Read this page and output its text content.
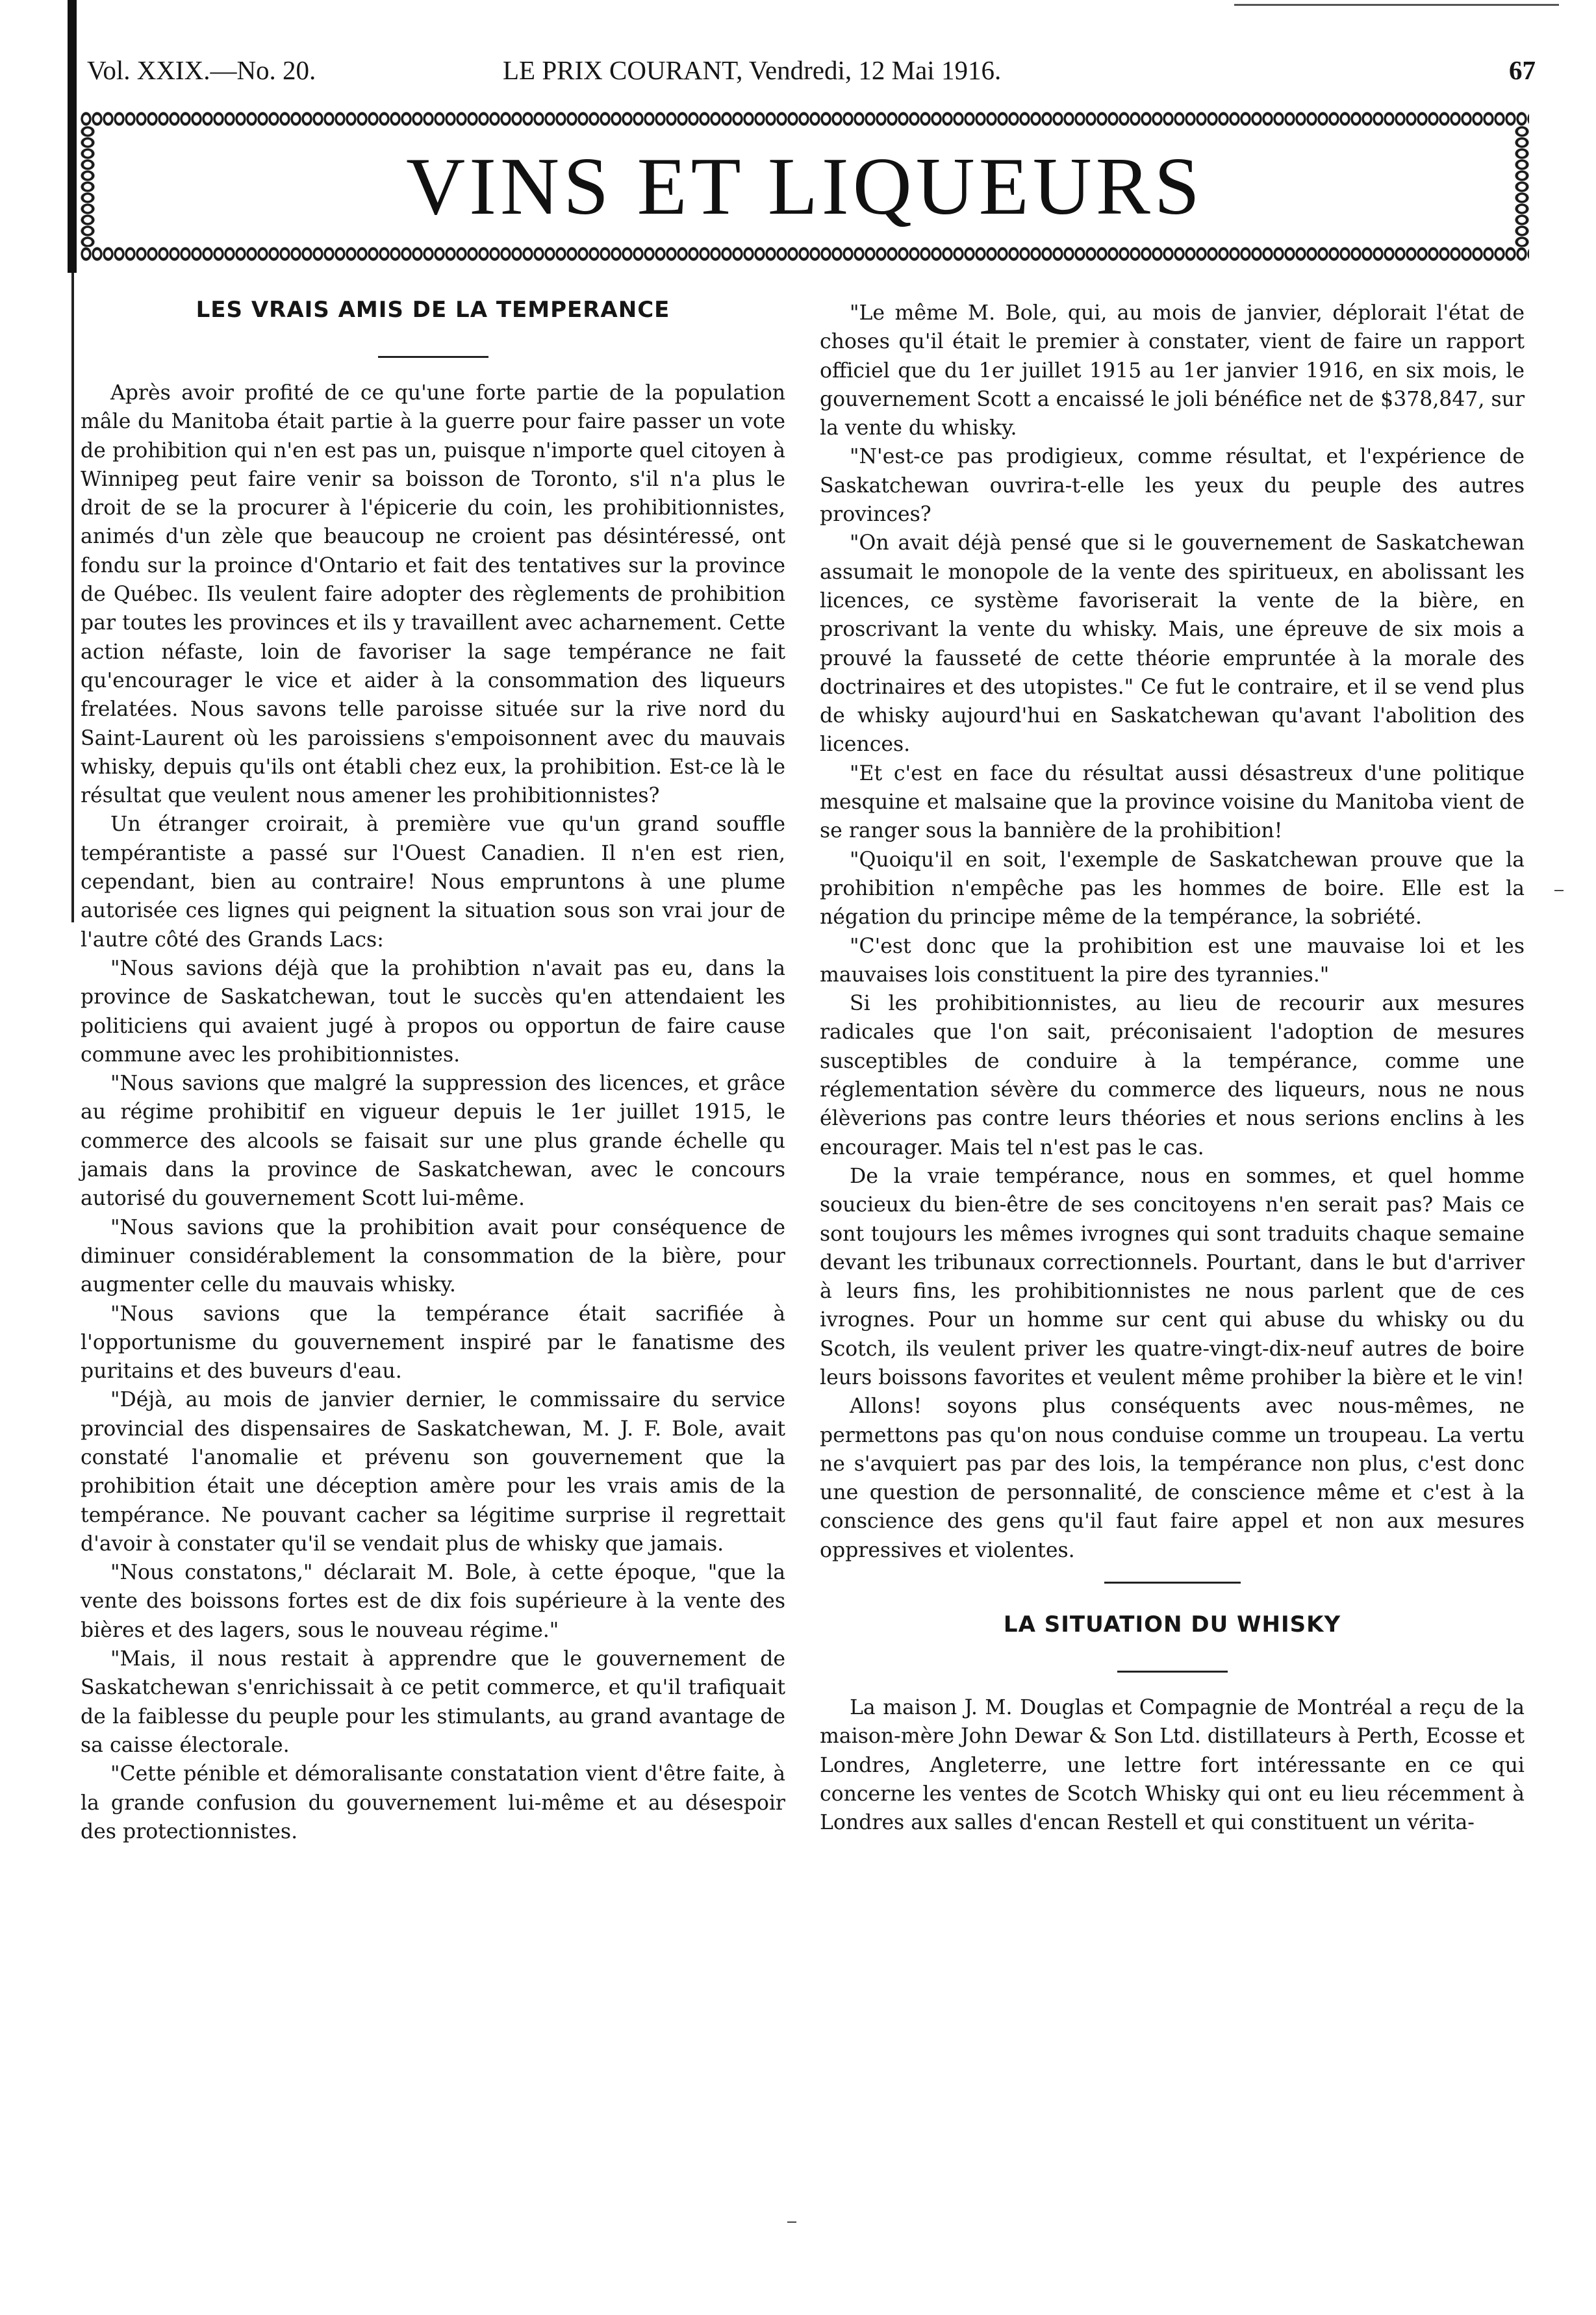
Vol. XXIX.—No. 20.	LE PRIX COURANT, Vendredi, 12 Mai 1916.	67
VINS ET LIQUEURS
LES VRAIS AMIS DE LA TEMPERANCE

Après avoir profité de ce qu'une forte partie de la population mâle du Manitoba était partie à la guerre pour faire passer un vote de prohibition qui n'en est pas un, puisque n'importe quel citoyen à Winnipeg peut faire venir sa boisson de Toronto, s'il n'a plus le droit de se la procurer à l'épicerie du coin, les prohibitionnistes, animés d'un zèle que beaucoup ne croient pas désintéressé, ont fondu sur la proince d'Ontario et fait des tentatives sur la province de Québec. Ils veulent faire adopter des règlements de prohibition par toutes les provinces et ils y travaillent avec acharnement. Cette action néfaste, loin de favoriser la sage tempérance ne fait qu'encourager le vice et aider à la consommation des liqueurs frelatées. Nous savons telle paroisse située sur la rive nord du Saint-Laurent où les paroissiens s'empoisonnent avec du mauvais whisky, depuis qu'ils ont établi chez eux, la prohibition. Est-ce là le résultat que veulent nous amener les prohibitionnistes?

Un étranger croirait, à première vue qu'un grand souffle tempérantiste a passé sur l'Ouest Canadien. Il n'en est rien, cependant, bien au contraire! Nous empruntons à une plume autorisée ces lignes qui peignent la situation sous son vrai jour de l'autre côté des Grands Lacs:

"Nous savions déjà que la prohibtion n'avait pas eu, dans la province de Saskatchewan, tout le succès qu'en attendaient les politiciens qui avaient jugé à propos ou opportun de faire cause commune avec les prohibitionnistes.

"Nous savions que malgré la suppression des licences, et grâce au régime prohibitif en vigueur depuis le 1er juillet 1915, le commerce des alcools se faisait sur une plus grande échelle qu jamais dans la province de Saskatchewan, avec le concours autorisé du gouvernement Scott lui-même.

"Nous savions que la prohibition avait pour conséquence de diminuer considérablement la consommation de la bière, pour augmenter celle du mauvais whisky.

"Nous savions que la tempérance était sacrifiée à l'opportunisme du gouvernement inspiré par le fanatisme des puritains et des buveurs d'eau.

"Déjà, au mois de janvier dernier, le commissaire du service provincial des dispensaires de Saskatchewan, M. J. F. Bole, avait constaté l'anomalie et prévenu son gouvernement que la prohibition était une déception amère pour les vrais amis de la tempérance. Ne pouvant cacher sa légitime surprise il regrettait d'avoir à constater qu'il se vendait plus de whisky que jamais.

"Nous constatons," déclarait M. Bole, à cette époque, "que la vente des boissons fortes est de dix fois supérieure à la vente des bières et des lagers, sous le nouveau régime."

"Mais, il nous restait à apprendre que le gouvernement de Saskatchewan s'enrichissait à ce petit commerce, et qu'il trafiquait de la faiblesse du peuple pour les stimulants, au grand avantage de sa caisse électorale.

"Cette pénible et démoralisante constatation vient d'être faite, à la grande confusion du gouvernement lui-même et au désespoir des protectionnistes.

"Le même M. Bole, qui, au mois de janvier, déplorait l'état de choses qu'il était le premier à constater, vient de faire un rapport officiel que du 1er juillet 1915 au 1er janvier 1916, en six mois, le gouvernement Scott a encaissé le joli bénéfice net de $378,847, sur la vente du whisky.

"N'est-ce pas prodigieux, comme résultat, et l'expérience de Saskatchewan ouvrira-t-elle les yeux du peuple des autres provinces?

"On avait déjà pensé que si le gouvernement de Saskatchewan assumait le monopole de la vente des spiritueux, en abolissant les licences, ce système favoriserait la vente de la bière, en proscrivant la vente du whisky. Mais, une épreuve de six mois a prouvé la fausseté de cette théorie empruntée à la morale des doctrinaires et des utopistes." Ce fut le contraire, et il se vend plus de whisky aujourd'hui en Saskatchewan qu'avant l'abolition des licences.

"Et c'est en face du résultat aussi désastreux d'une politique mesquine et malsaine que la province voisine du Manitoba vient de se ranger sous la bannière de la prohibition!

"Quoiqu'il en soit, l'exemple de Saskatchewan prouve que la prohibition n'empêche pas les hommes de boire. Elle est la négation du principe même de la tempérance, la sobriété.

"C'est donc que la prohibition est une mauvaise loi et les mauvaises lois constituent la pire des tyrannies."

Si les prohibitionnistes, au lieu de recourir aux mesures radicales que l'on sait, préconisaient l'adoption de mesures susceptibles de conduire à la tempérance, comme une réglementation sévère du commerce des liqueurs, nous ne nous élèverions pas contre leurs théories et nous serions enclins à les encourager. Mais tel n'est pas le cas.

De la vraie tempérance, nous en sommes, et quel homme soucieux du bien-être de ses concitoyens n'en serait pas? Mais ce sont toujours les mêmes ivrognes qui sont traduits chaque semaine devant les tribunaux correctionnels. Pourtant, dans le but d'arriver à leurs fins, les prohibitionnistes ne nous parlent que de ces ivrognes. Pour un homme sur cent qui abuse du whisky ou du Scotch, ils veulent priver les quatre-vingt-dix-neuf autres de boire leurs boissons favorites et veulent même prohiber la bière et le vin!

Allons! soyons plus conséquents avec nous-mêmes, ne permettons pas qu'on nous conduise comme un troupeau. La vertu ne s'avquiert pas par des lois, la tempérance non plus, c'est donc une question de personnalité, de conscience même et c'est à la conscience des gens qu'il faut faire appel et non aux mesures oppressives et violentes.

LA SITUATION DU WHISKY

La maison J. M. Douglas et Compagnie de Montréal a reçu de la maison-mère John Dewar & Son Ltd. distillateurs à Perth, Ecosse et Londres, Angleterre, une lettre fort intéressante en ce qui concerne les ventes de Scotch Whisky qui ont eu lieu récemment à Londres aux salles d'encan Restell et qui constituent un vérita-
